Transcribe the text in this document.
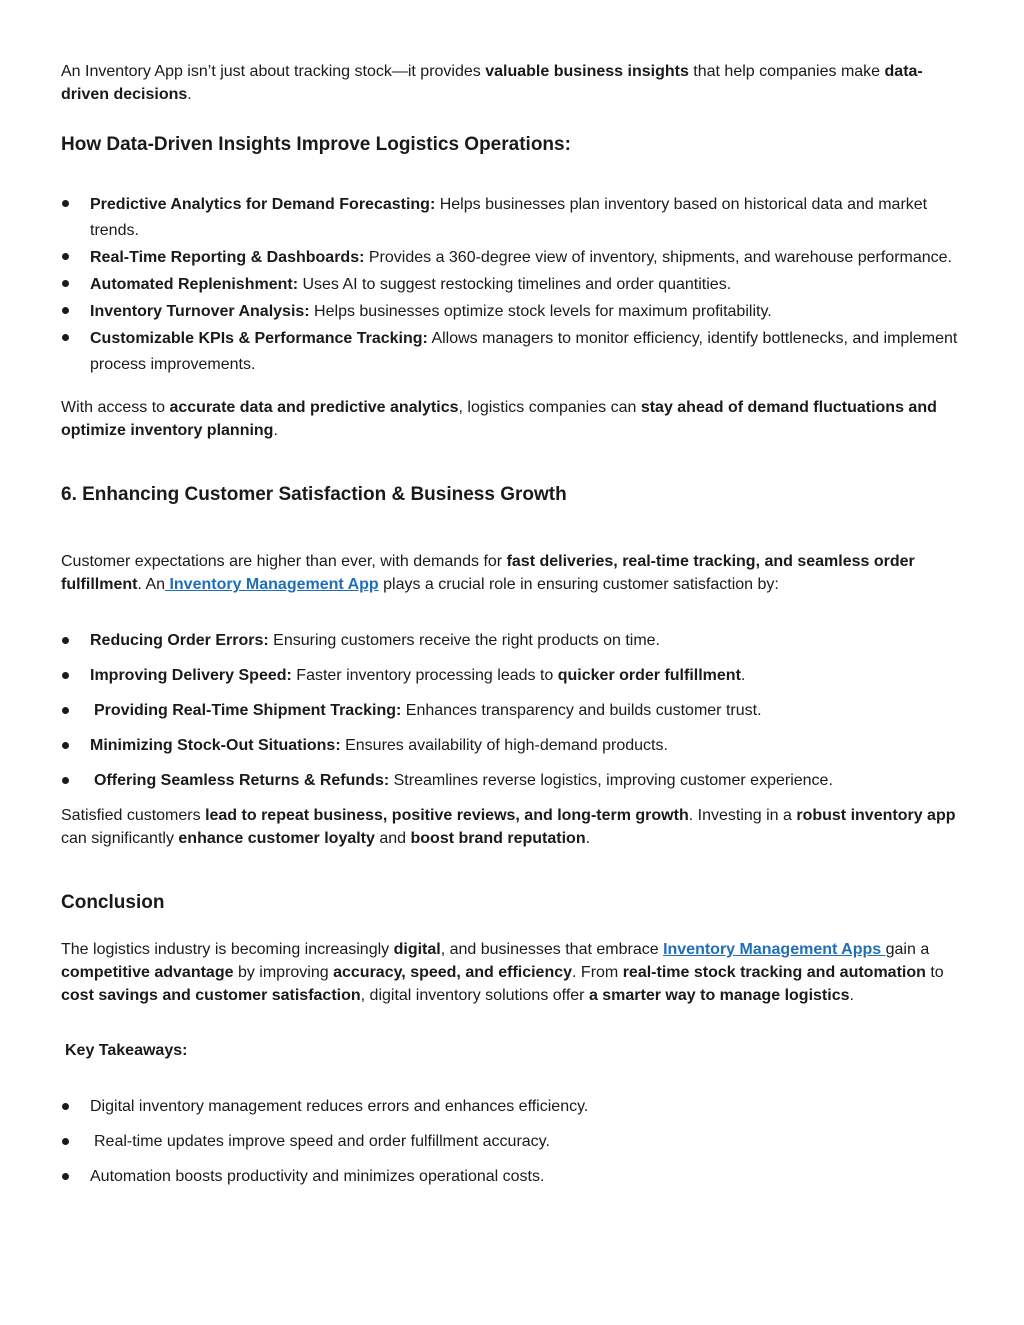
An Inventory App isn’t just about tracking stock—it provides valuable business insights that help companies make data-driven decisions.

How Data-Driven Insights Improve Logistics Operations:
Predictive Analytics for Demand Forecasting: Helps businesses plan inventory based on historical data and market trends.
Real-Time Reporting & Dashboards: Provides a 360-degree view of inventory, shipments, and warehouse performance.
Automated Replenishment: Uses AI to suggest restocking timelines and order quantities.
Inventory Turnover Analysis: Helps businesses optimize stock levels for maximum profitability.
Customizable KPIs & Performance Tracking: Allows managers to monitor efficiency, identify bottlenecks, and implement process improvements.

With access to accurate data and predictive analytics, logistics companies can stay ahead of demand fluctuations and optimize inventory planning.

6. Enhancing Customer Satisfaction & Business Growth

Customer expectations are higher than ever, with demands for fast deliveries, real-time tracking, and seamless order fulfillment. An Inventory Management App plays a crucial role in ensuring customer satisfaction by:

Reducing Order Errors: Ensuring customers receive the right products on time.
Improving Delivery Speed: Faster inventory processing leads to quicker order fulfillment.
Providing Real-Time Shipment Tracking: Enhances transparency and builds customer trust.
Minimizing Stock-Out Situations: Ensures availability of high-demand products.
Offering Seamless Returns & Refunds: Streamlines reverse logistics, improving customer experience.

Satisfied customers lead to repeat business, positive reviews, and long-term growth. Investing in a robust inventory app can significantly enhance customer loyalty and boost brand reputation.

Conclusion

The logistics industry is becoming increasingly digital, and businesses that embrace Inventory Management Apps gain a competitive advantage by improving accuracy, speed, and efficiency. From real-time stock tracking and automation to cost savings and customer satisfaction, digital inventory solutions offer a smarter way to manage logistics.

Key Takeaways:

Digital inventory management reduces errors and enhances efficiency.
Real-time updates improve speed and order fulfillment accuracy.
Automation boosts productivity and minimizes operational costs.
